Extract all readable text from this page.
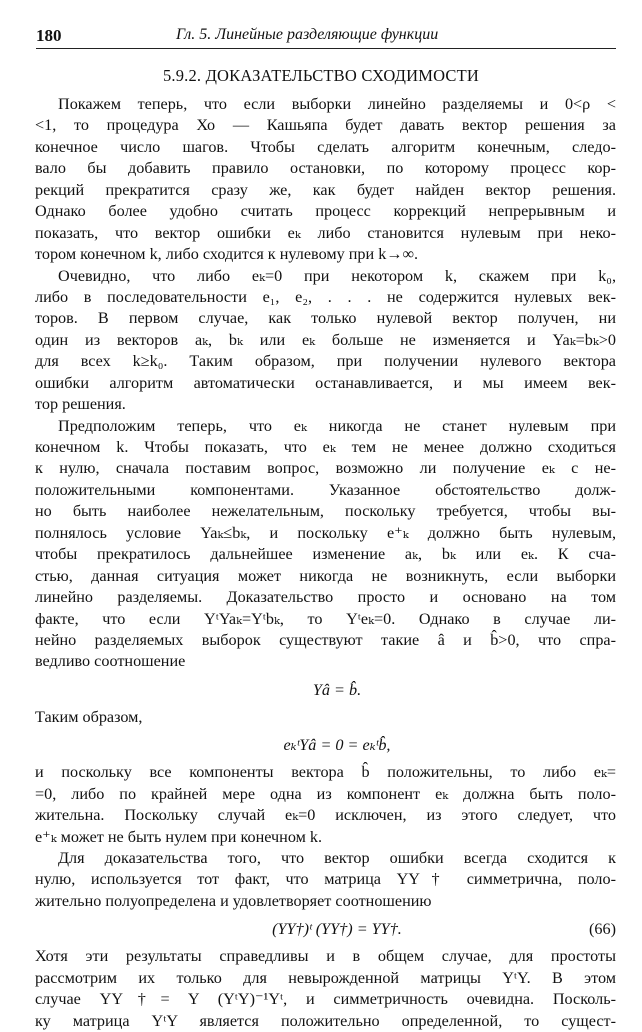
180	Гл. 5. Линейные разделяющие функции
5.9.2. ДОКАЗАТЕЛЬСТВО СХОДИМОСТИ
Покажем теперь, что если выборки линейно разделяемы и 0<ρ <
<1, то процедура Хо — Кашьяпа будет давать вектор решения за
конечное число шагов. Чтобы сделать алгоритм конечным, следо-
вало бы добавить правило остановки, по которому процесс кор-
рекций прекратится сразу же, как будет найден вектор решения.
Однако более удобно считать процесс коррекций непрерывным и
показать, что вектор ошибки eₖ либо становится нулевым при неко-
тором конечном k, либо сходится к нулевому при k→∞.
Очевидно, что либо eₖ=0 при некотором k, скажем при k₀,
либо в последовательности e₁, e₂, . . . не содержится нулевых век-
торов. В первом случае, как только нулевой вектор получен, ни
один из векторов aₖ, bₖ или eₖ больше не изменяется и Yaₖ=bₖ>0
для всех k≥k₀. Таким образом, при получении нулевого вектора
ошибки алгоритм автоматически останавливается, и мы имеем век-
тор решения.
Предположим теперь, что eₖ никогда не станет нулевым при
конечном k. Чтобы показать, что eₖ тем не менее должно сходиться
к нулю, сначала поставим вопрос, возможно ли получение eₖ с не-
положительными компонентами. Указанное обстоятельство долж-
но быть наиболее нежелательным, поскольку требуется, чтобы вы-
полнялось условие Yaₖ≤bₖ, и поскольку e⁺ₖ должно быть нулевым,
чтобы прекратилось дальнейшее изменение aₖ, bₖ или eₖ. К сча-
стью, данная ситуация может никогда не возникнуть, если выборки
линейно разделяемы. Доказательство просто и основано на том
факте, что если YᵗYaₖ=Yᵗbₖ, то Yᵗeₖ=0. Однако в случае ли-
нейно разделяемых выборок существуют такие â и b̂>0, что спра-
ведливо соотношение
Yâ = b̂.
Таким образом,
eₖᵗYâ = 0 = eₖᵗb̂,
и поскольку все компоненты вектора b̂ положительны, то либо eₖ=
=0, либо по крайней мере одна из компонент eₖ должна быть поло-
жительна. Поскольку случай eₖ=0 исключен, из этого следует, что
e⁺ₖ может не быть нулем при конечном k.
Для доказательства того, что вектор ошибки всегда сходится к
нулю, используется тот факт, что матрица YY† симметрична, поло-
жительно полуопределена и удовлетворяет соотношению
(YY†)ᵗ (YY†) = YY†.	(66)
Хотя эти результаты справедливы и в общем случае, для простоты
рассмотрим их только для невырожденной матрицы YᵗY. В этом
случае YY†= Y (YᵗY)⁻¹Yᵗ, и симметричность очевидна. Посколь-
ку матрица YᵗY является положительно определенной, то сущест-
